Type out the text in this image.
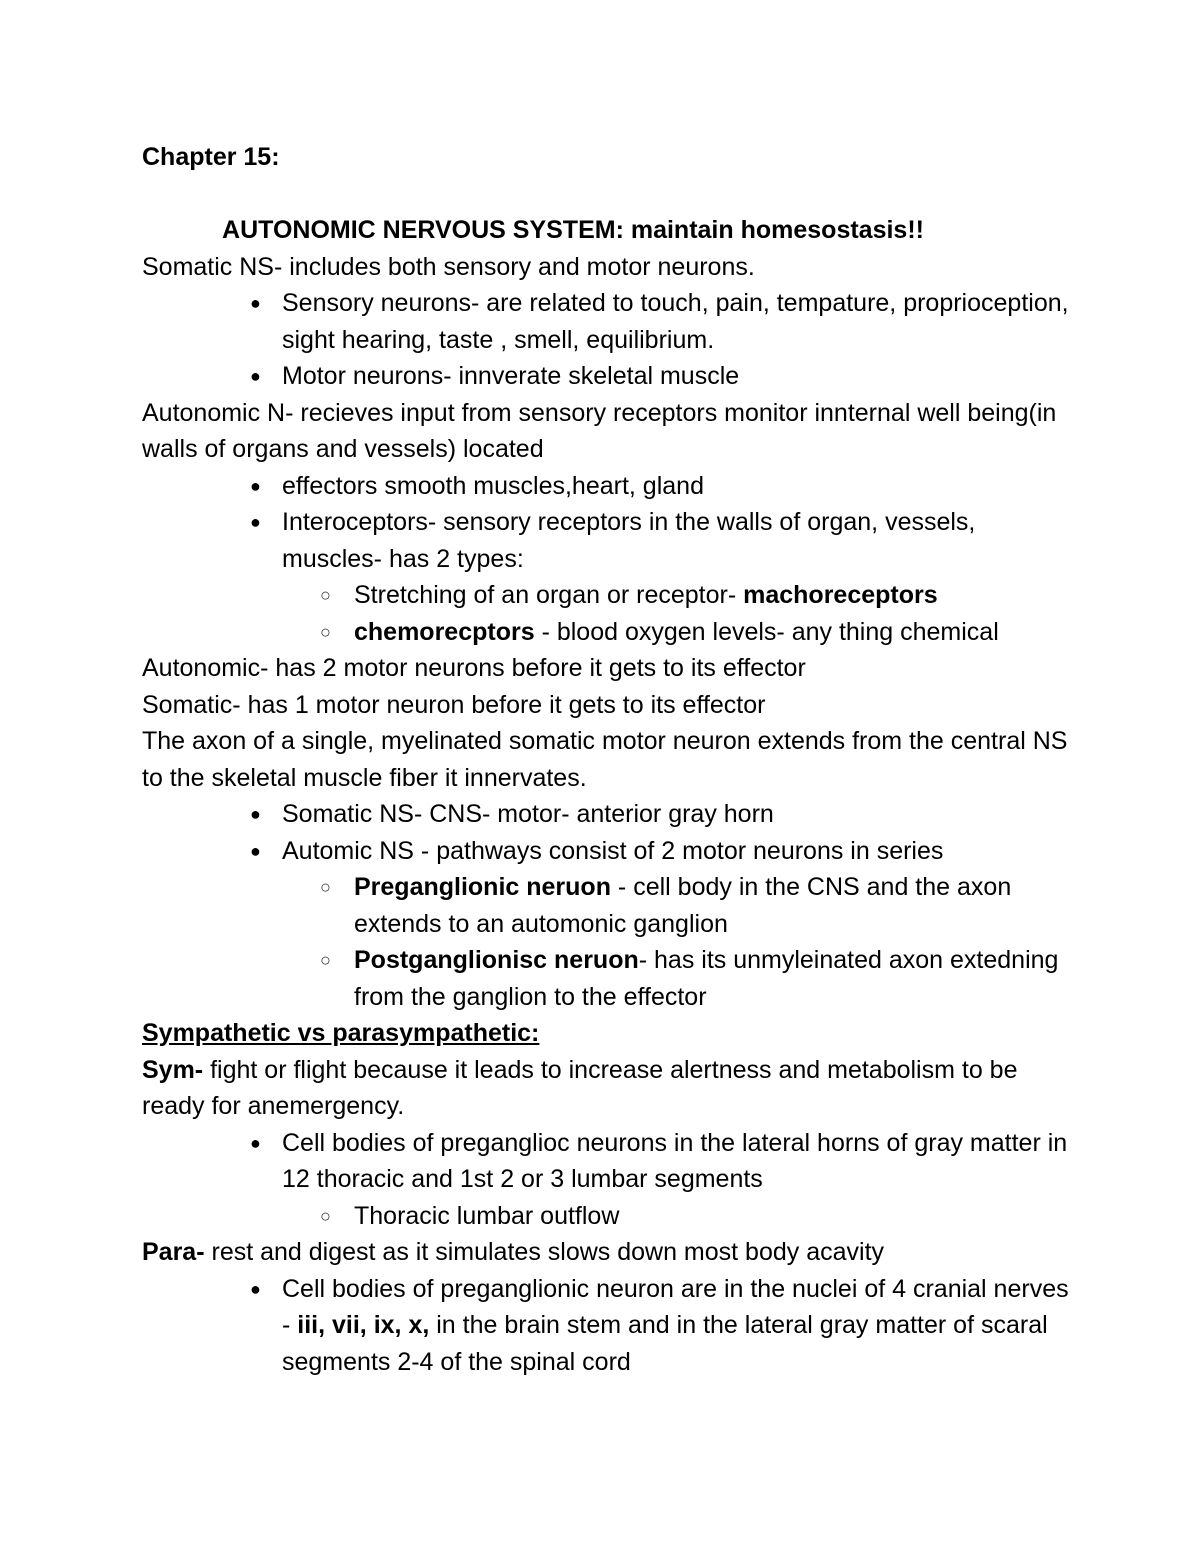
Chapter 15:

AUTONOMIC NERVOUS SYSTEM: maintain homesostasis!!

Somatic NS- includes both sensory and motor neurons.

● Sensory neurons- are related to touch, pain, tempature, proprioception, sight hearing, taste , smell, equilibrium.
● Motor neurons- innverate skeletal muscle

Autonomic N- recieves input from sensory receptors monitor innternal well being(in walls of organs and vessels) located

● effectors smooth muscles,heart, gland
● Interoceptors- sensory receptors in the walls of organ, vessels, muscles- has 2 types:
○ Stretching of an organ or receptor- machoreceptors
○ chemorecptors - blood oxygen levels- any thing chemical

Autonomic- has 2 motor neurons before it gets to its effector

Somatic- has 1 motor neuron before it gets to its effector

The axon of a single, myelinated somatic motor neuron extends from the central NS to the skeletal muscle fiber it innervates.

● Somatic NS- CNS- motor- anterior gray horn
● Automic NS - pathways consist of 2 motor neurons in series
○ Preganglionic neruon - cell body in the CNS and the axon extends to an automonic ganglion
○ Postganglionisc neruon- has its unmyleinated axon extedning from the ganglion to the effector

Sympathetic vs parasympathetic:

Sym- fight or flight because it leads to increase alertness and metabolism to be ready for anemergency.

● Cell bodies of preganglioc neurons in the lateral horns of gray matter in 12 thoracic and 1st 2 or 3 lumbar segments
○ Thoracic lumbar outflow

Para- rest and digest as it simulates slows down most body acavity

● Cell bodies of preganglionic neuron are in the nuclei of 4 cranial nerves - iii, vii, ix, x, in the brain stem and in the lateral gray matter of scaral segments 2-4 of the spinal cord
